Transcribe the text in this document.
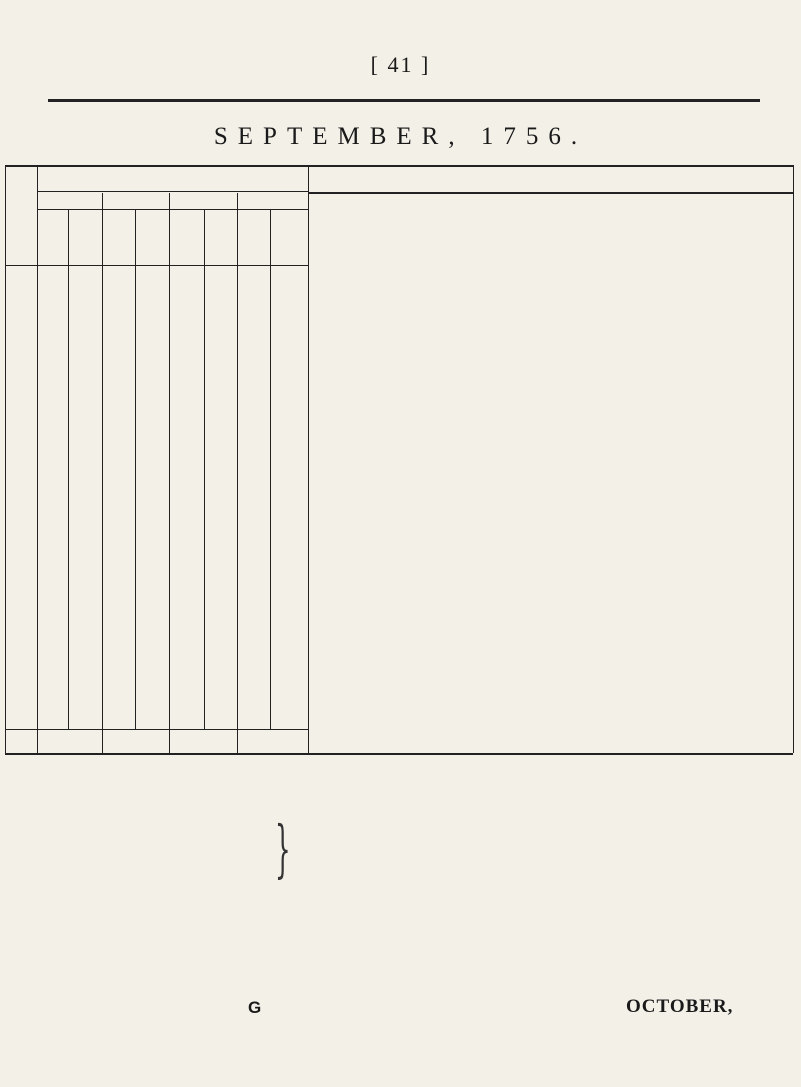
[ 41 ]
SEPTEMBER, 1756.
}
G	OCTOBER,
